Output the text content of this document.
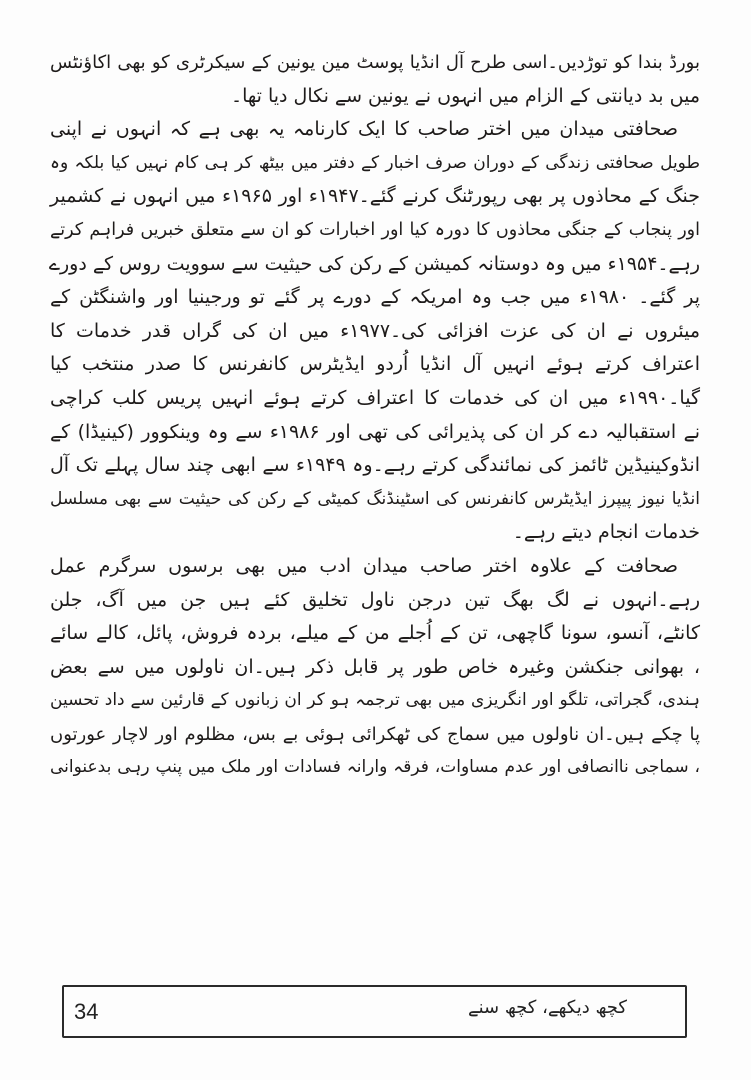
بورڈ بندا کو توڑدیں۔اسی طرح آل انڈیا پوسٹ مین یونین کے سیکرٹری کو بھی اکاؤنٹس
میں بد دیانتی کے الزام میں انہوں نے یونین سے نکال دیا تھا۔
صحافتی میدان میں اختر صاحب کا ایک کارنامہ یہ بھی ہے کہ انہوں نے اپنی
طویل صحافتی زندگی کے دوران صرف اخبار کے دفتر میں بیٹھ کر ہی کام نہیں کیا بلکہ وہ
جنگ کے محاذوں پر بھی رپورٹنگ کرنے گئے۔۱۹۴۷ء اور ۱۹۶۵ء میں انہوں نے کشمیر
اور پنجاب کے جنگی محاذوں کا دورہ کیا اور اخبارات کو ان سے متعلق خبریں فراہم کرتے
رہے۔۱۹۵۴ء میں وہ دوستانہ کمیشن کے رکن کی حیثیت سے سوویت روس کے دورے
پر گئے۔ ۱۹۸۰ء میں جب وہ امریکہ کے دورے پر گئے تو ورجینیا اور واشنگٹن کے
میئروں نے ان کی عزت افزائی کی۔۱۹۷۷ء میں ان کی گراں قدر خدمات کا
اعتراف کرتے ہوئے انہیں آل انڈیا اُردو ایڈیٹرس کانفرنس کا صدر منتخب کیا
گیا۔۱۹۹۰ء میں ان کی خدمات کا اعتراف کرتے ہوئے انہیں پریس کلب کراچی
نے استقبالیہ دے کر ان کی پذیرائی کی تھی اور ۱۹۸۶ء سے وہ وینکوور (کینیڈا) کے
انڈوکینیڈین ٹائمز کی نمائندگی کرتے رہے۔وہ ۱۹۴۹ء سے ابھی چند سال پہلے تک آل
انڈیا نیوز پیپرز ایڈیٹرس کانفرنس کی اسٹینڈنگ کمیٹی کے رکن کی حیثیت سے بھی مسلسل
خدمات انجام دیتے رہے۔
صحافت کے علاوہ اختر صاحب میدان ادب میں بھی برسوں سرگرم عمل
رہے۔انہوں نے لگ بھگ تین درجن ناول تخلیق کئے ہیں جن میں آگ، جلن
کانٹے، آنسو، سونا گاچھی، تن کے اُجلے من کے میلے، بردہ فروش، پائل، کالے سائے
، بھوانی جنکشن وغیرہ خاص طور پر قابل ذکر ہیں۔ان ناولوں میں سے بعض
ہندی، گجراتی، تلگو اور انگریزی میں بھی ترجمہ ہو کر ان زبانوں کے قارئین سے داد تحسین
پا چکے ہیں۔ان ناولوں میں سماج کی ٹھکرائی ہوئی بے بس، مظلوم اور لاچار عورتوں
، سماجی ناانصافی اور عدم مساوات، فرقہ وارانہ فسادات اور ملک میں پنپ رہی بدعنوانی
34	کچھ دیکھے، کچھ سنے
